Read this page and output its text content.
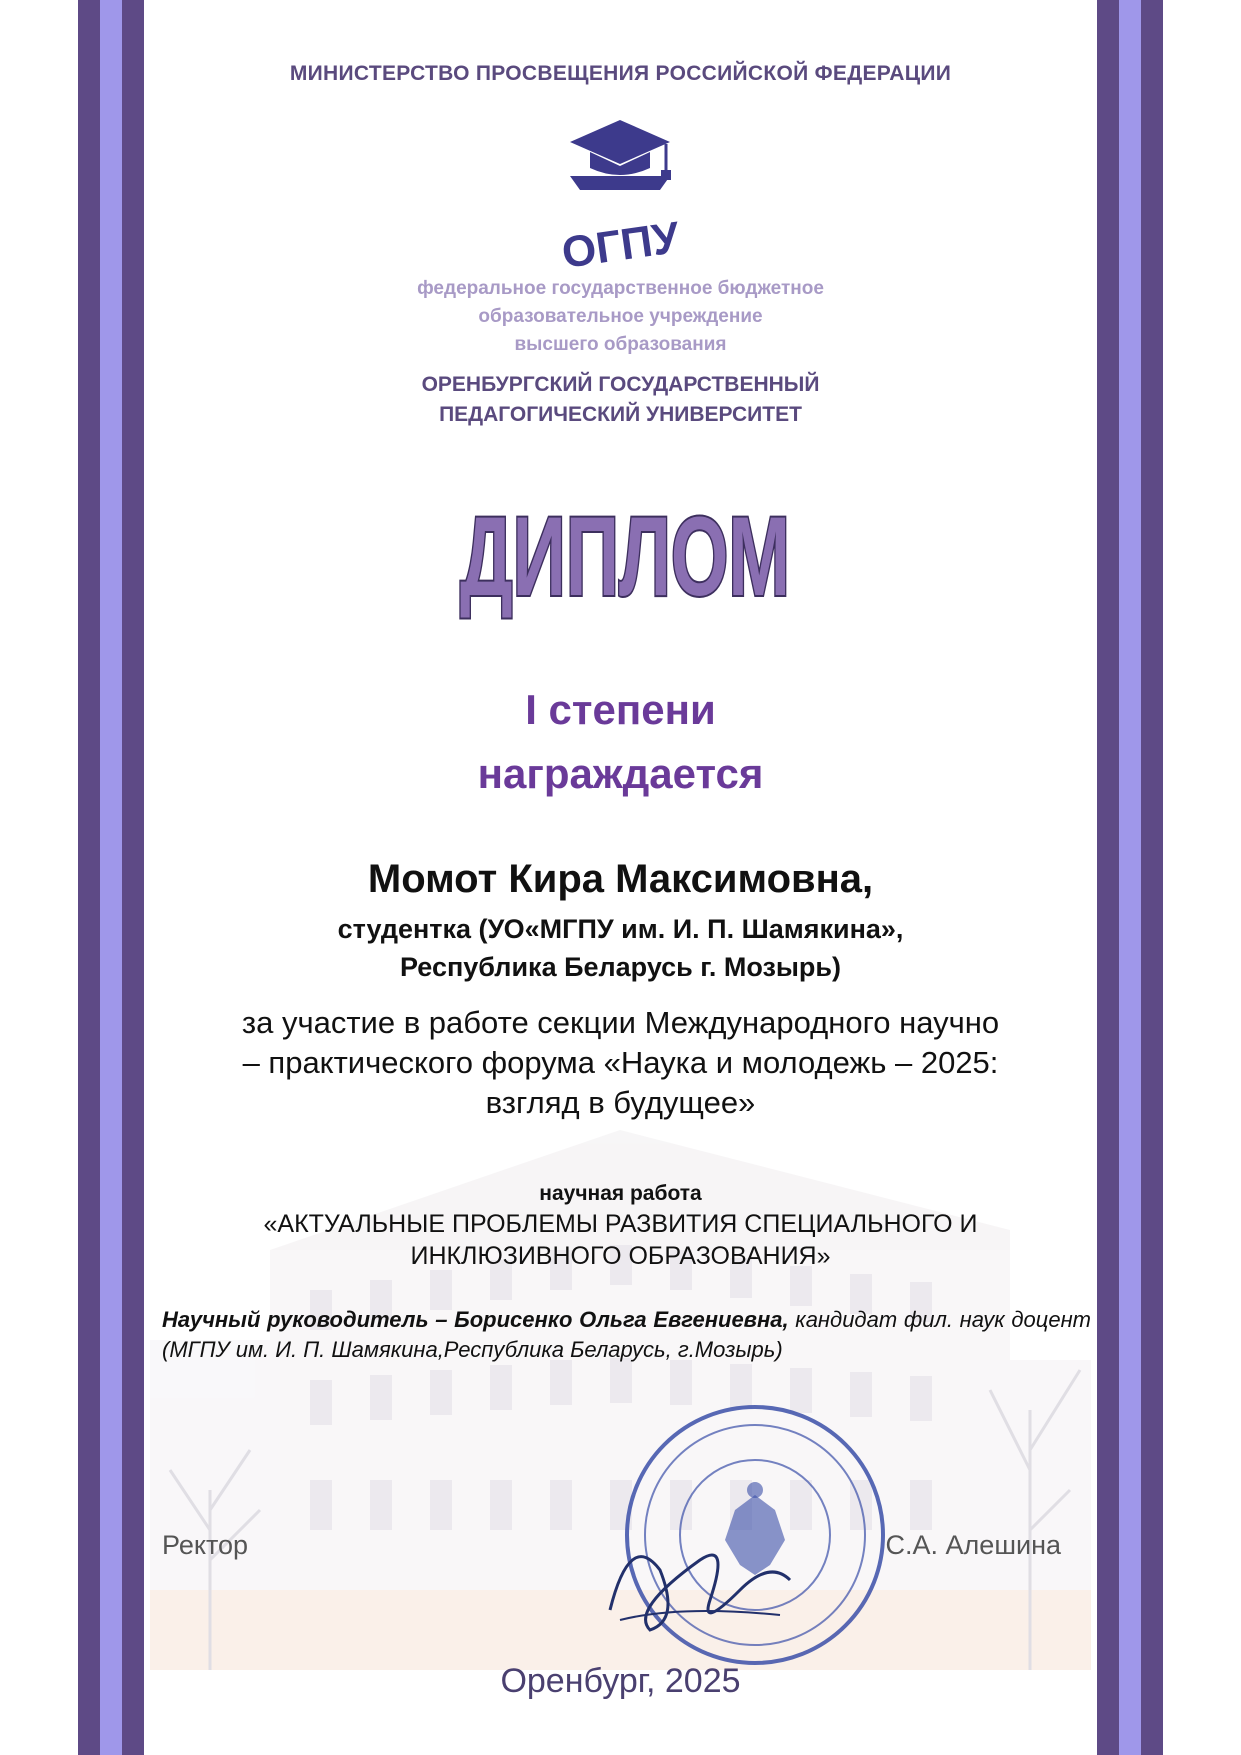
МИНИСТЕРСТВО ПРОСВЕЩЕНИЯ РОССИЙСКОЙ ФЕДЕРАЦИИ
ОГПУ
федеральное государственное бюджетное
образовательное учреждение
высшего образования
ОРЕНБУРГСКИЙ ГОСУДАРСТВЕННЫЙ
ПЕДАГОГИЧЕСКИЙ УНИВЕРСИТЕТ
ДИПЛОМ
I степени
награждается
Момот Кира Максимовна,
студентка (УО«МГПУ им. И. П. Шамякина»,
Республика Беларусь г. Мозырь)
за участие в работе секции Международного научно
– практического форума «Наука и молодежь – 2025:
взгляд в будущее»
научная работа
«АКТУАЛЬНЫЕ ПРОБЛЕМЫ РАЗВИТИЯ СПЕЦИАЛЬНОГО И
ИНКЛЮЗИВНОГО ОБРАЗОВАНИЯ»
Научный руководитель – Борисенко Ольга Евгениевна, кандидат фил. наук доцент (МГПУ им. И. П. Шамякина,Республика Беларусь, г.Мозырь)
Ректор	С.А. Алешина
Оренбург, 2025
